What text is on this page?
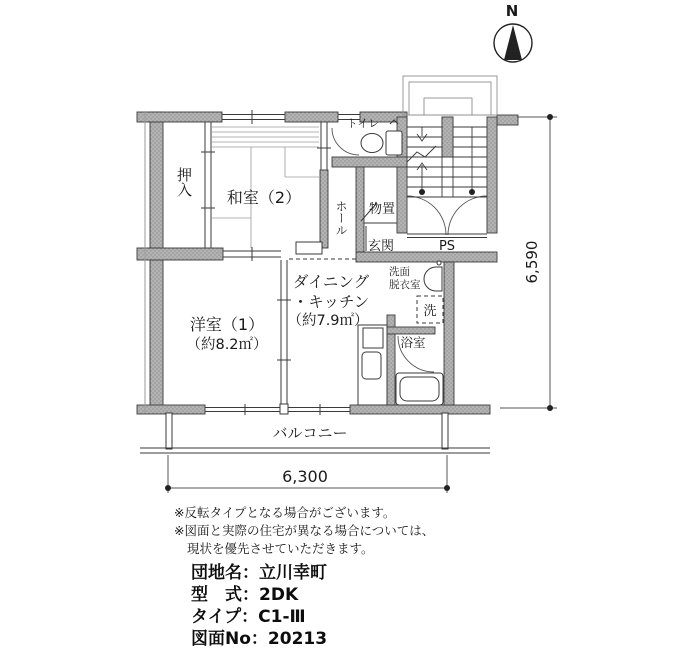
N
6,300
6,590
押入
和室（2）
ホール
トイレ
物置
玄関	PS
洗面
脱衣室
洗
浴室
ダイニング
・キッチン
（約7.9㎡）
洋室（1）
（約8.2㎡）
バルコニー
※反転タイプとなる場合がございます。
※図面と実際の住宅が異なる場合については、
現状を優先させていただきます。
団地名：立川幸町
型　式：2DK
タイプ：C1-Ⅲ
図面No：20213
